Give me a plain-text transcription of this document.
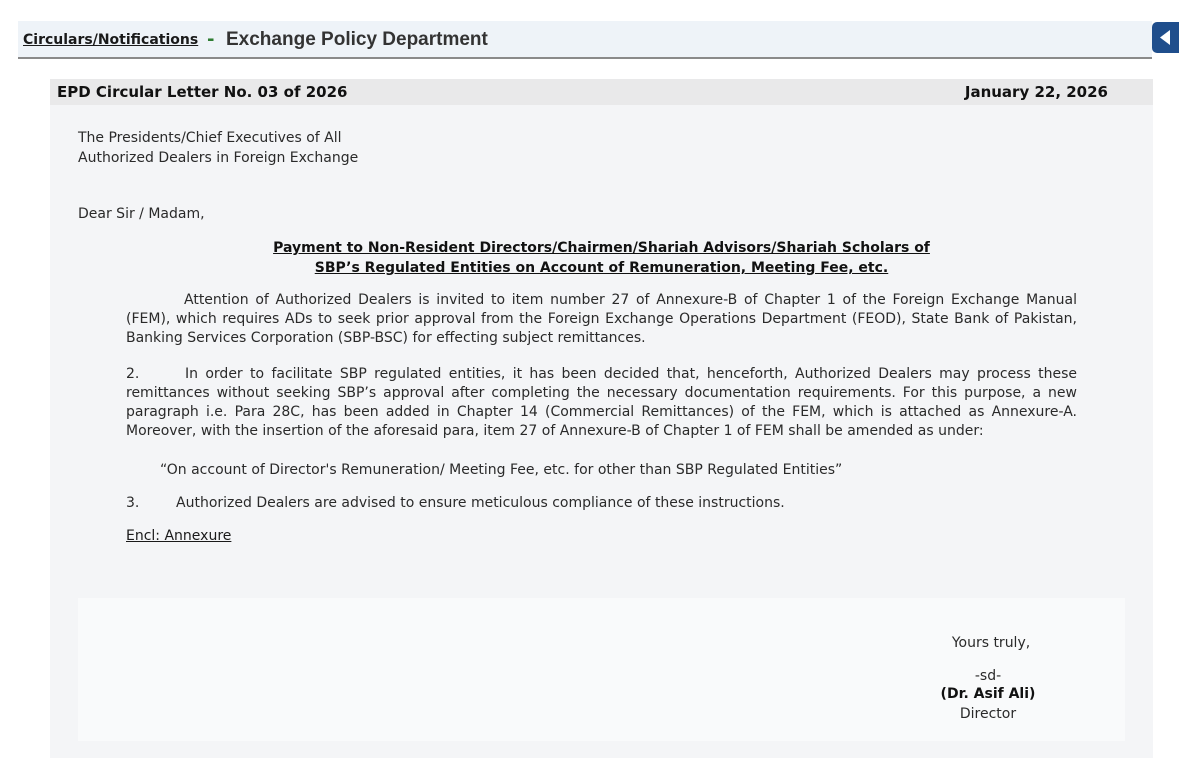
Circulars/Notifications - Exchange Policy Department
EPD Circular Letter No. 03 of 2026	January 22, 2026
The Presidents/Chief Executives of All
Authorized Dealers in Foreign Exchange
Dear Sir / Madam,
Payment to Non-Resident Directors/Chairmen/Shariah Advisors/Shariah Scholars of
SBP’s Regulated Entities on Account of Remuneration, Meeting Fee, etc.
Attention of Authorized Dealers is invited to item number 27 of Annexure-B of Chapter 1 of the Foreign Exchange Manual (FEM), which requires ADs to seek prior approval from the Foreign Exchange Operations Department (FEOD), State Bank of Pakistan, Banking Services Corporation (SBP-BSC) for effecting subject remittances.
2.	In order to facilitate SBP regulated entities, it has been decided that, henceforth, Authorized Dealers may process these remittances without seeking SBP’s approval after completing the necessary documentation requirements. For this purpose, a new paragraph i.e. Para 28C, has been added in Chapter 14 (Commercial Remittances) of the FEM, which is attached as Annexure-A. Moreover, with the insertion of the aforesaid para, item 27 of Annexure-B of Chapter 1 of FEM shall be amended as under:
“On account of Director's Remuneration/ Meeting Fee, etc. for other than SBP Regulated Entities”
3.	Authorized Dealers are advised to ensure meticulous compliance of these instructions.
Encl: Annexure
Yours truly,
-sd-
(Dr. Asif Ali)
Director
